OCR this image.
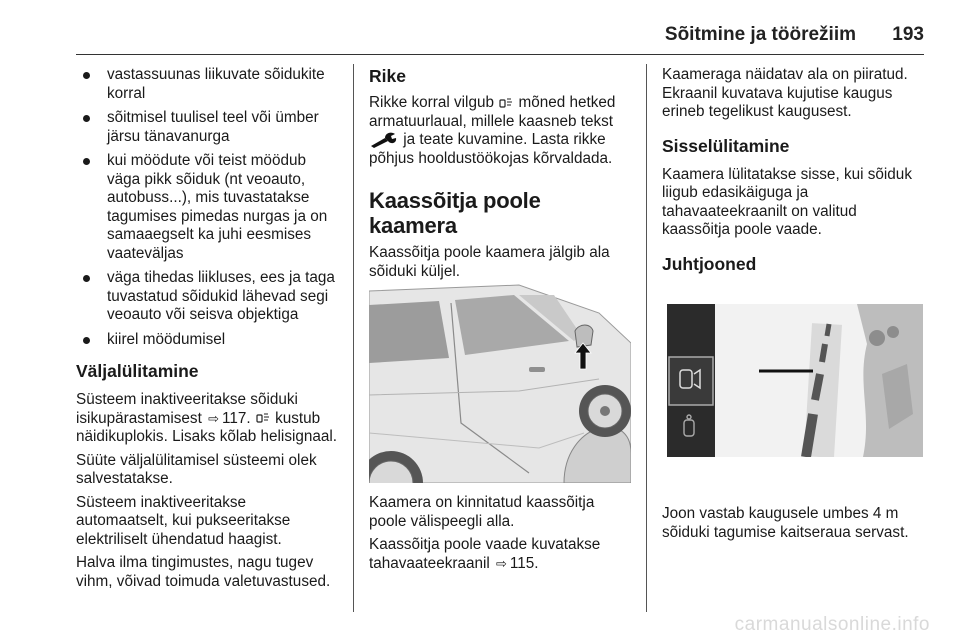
Sõitmine ja töörežiim 193
vastassuunas liikuvate sõidukite korral
sõitmisel tuulisel teel või ümber järsu tänavanurga
kui möödute või teist möödub väga pikk sõiduk (nt veoauto, autobuss...), mis tuvastatakse tagumises pimedas nurgas ja on samaaegselt ka juhi eesmises vaateväljas
väga tihedas liikluses, ees ja taga tuvastatud sõidukid lähevad segi veoauto või seisva objektiga
kiirel möödumisel
Väljalülitamine

Süsteem inaktiveeritakse sõiduki isikupärastamisest ⇨ 117. kustub näidikuplokis. Lisaks kõlab helisignaal.

Süüte väljalülitamisel süsteemi olek salvestatakse.

Süsteem inaktiveeritakse automaatselt, kui pukseeritakse elektriliselt ühendatud haagist.

Halva ilma tingimustes, nagu tugev vihm, võivad toimuda valetuvastused.

Rike

Rikke korral vilgub mõned hetked armatuurlaual, millele kaasneb tekst  ja teate kuvamine. Lasta rikke põhjus hooldustöökojas kõrvaldada.

Kaassõitja poole kaamera

Kaassõitja poole kaamera jälgib ala sõiduki küljel.

Kaamera on kinnitatud kaassõitja poole välispeegli alla.

Kaassõitja poole vaade kuvatakse tahavaateekraanil ⇨ 115.

Kaameraga näidatav ala on piiratud. Ekraanil kuvatava kujutise kaugus erineb tegelikust kaugusest.

Sisselülitamine

Kaamera lülitatakse sisse, kui sõiduk liigub edasikäiguga ja tahavaateekraanilt on valitud kaassõitja poole vaade.

Juhtjooned

Joon vastab kaugusele umbes 4 m sõiduki tagumise kaitseraua servast.

carmanualsonline.info
